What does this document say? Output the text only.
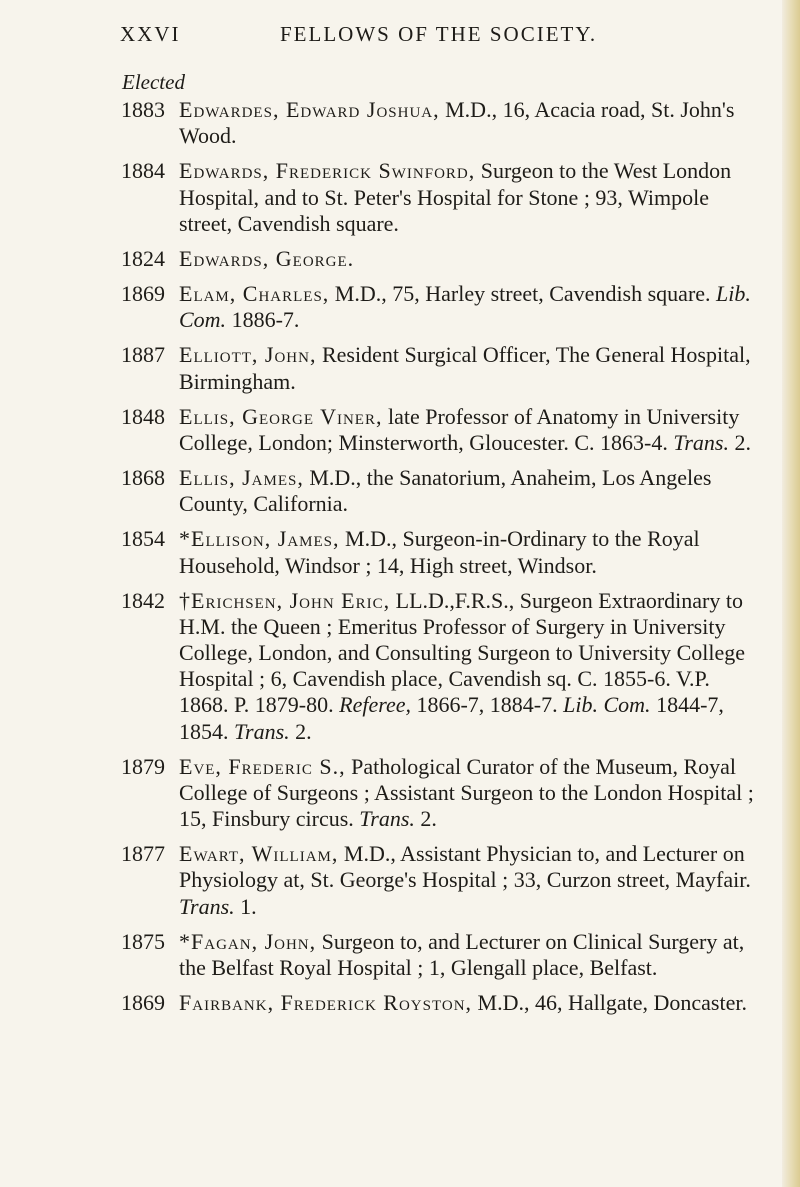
XXVI	FELLOWS OF THE SOCIETY.
Elected
1883 Edwardes, Edward Joshua, M.D., 16, Acacia road, St. John's Wood.
1884 Edwards, Frederick Swinford, Surgeon to the West London Hospital, and to St. Peter's Hospital for Stone ; 93, Wimpole street, Cavendish square.
1824 Edwards, George.
1869 Elam, Charles, M.D., 75, Harley street, Cavendish square. Lib. Com. 1886-7.
1887 Elliott, John, Resident Surgical Officer, The General Hospital, Birmingham.
1848 Ellis, George Viner, late Professor of Anatomy in University College, London; Minsterworth, Gloucester. C. 1863-4. Trans. 2.
1868 Ellis, James, M.D., the Sanatorium, Anaheim, Los Angeles County, California.
1854 *Ellison, James, M.D., Surgeon-in-Ordinary to the Royal Household, Windsor ; 14, High street, Windsor.
1842 †Erichsen, John Eric, LL.D.,F.R.S., Surgeon Extraordinary to H.M. the Queen ; Emeritus Professor of Surgery in University College, London, and Consulting Surgeon to University College Hospital ; 6, Cavendish place, Cavendish sq. C. 1855-6. V.P. 1868. P. 1879-80. Referee, 1866-7, 1884-7. Lib. Com. 1844-7, 1854. Trans. 2.
1879 Eve, Frederic S., Pathological Curator of the Museum, Royal College of Surgeons ; Assistant Surgeon to the London Hospital ; 15, Finsbury circus. Trans. 2.
1877 Ewart, William, M.D., Assistant Physician to, and Lecturer on Physiology at, St. George's Hospital ; 33, Curzon street, Mayfair. Trans. 1.
1875 *Fagan, John, Surgeon to, and Lecturer on Clinical Surgery at, the Belfast Royal Hospital ; 1, Glengall place, Belfast.
1869 Fairbank, Frederick Royston, M.D., 46, Hallgate, Doncaster.
